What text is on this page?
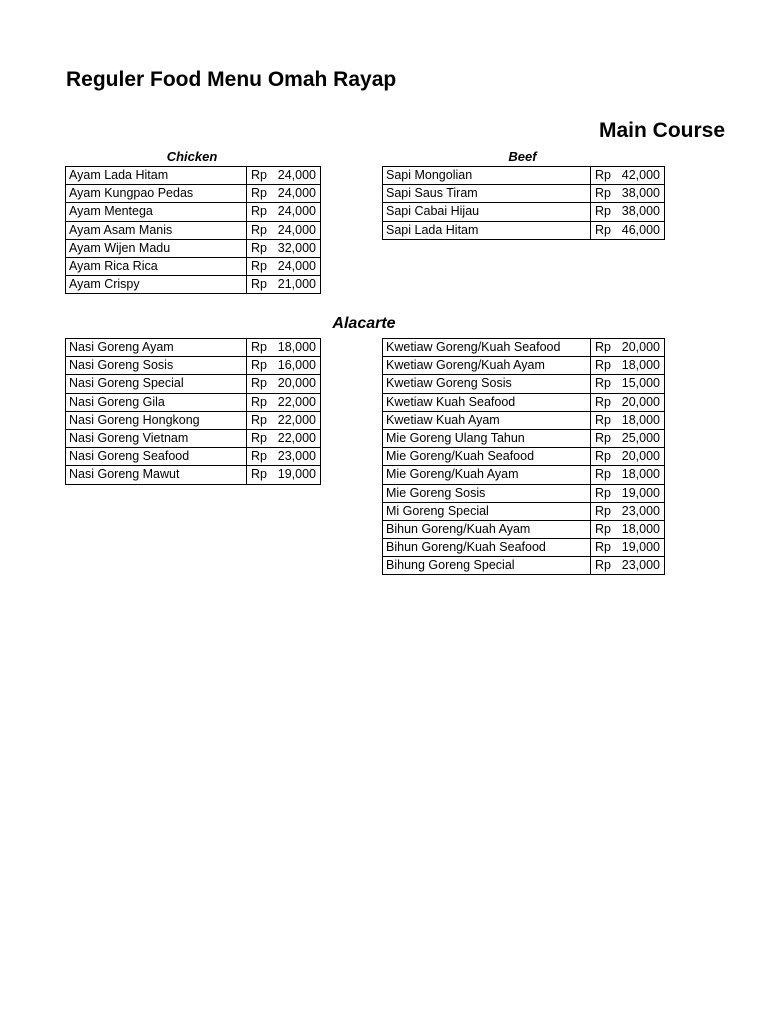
Reguler Food Menu Omah Rayap
Main Course
Chicken	Beef
Ayam Lada Hitam	Rp 24,000

Ayam Kungpao Pedas	Rp 24,000

Ayam Mentega	Rp 24,000

Ayam Asam Manis	Rp 24,000

Ayam Wijen Madu	Rp 32,000

Ayam Rica Rica	Rp 24,000

Ayam Crispy	Rp 21,000
Sapi Mongolian	Rp 42,000

Sapi Saus Tiram	Rp 38,000

Sapi Cabai Hijau	Rp 38,000

Sapi Lada Hitam	Rp 46,000
Alacarte
Nasi Goreng Ayam	Rp 18,000

Nasi Goreng Sosis	Rp 16,000

Nasi Goreng Special	Rp 20,000

Nasi Goreng Gila	Rp 22,000

Nasi Goreng Hongkong	Rp 22,000

Nasi Goreng Vietnam	Rp 22,000

Nasi Goreng Seafood	Rp 23,000

Nasi Goreng Mawut	Rp 19,000
Kwetiaw Goreng/Kuah Seafood	Rp 20,000

Kwetiaw Goreng/Kuah Ayam	Rp 18,000

Kwetiaw Goreng Sosis	Rp 15,000

Kwetiaw Kuah Seafood	Rp 20,000

Kwetiaw Kuah Ayam	Rp 18,000

Mie Goreng Ulang Tahun	Rp 25,000

Mie Goreng/Kuah Seafood	Rp 20,000

Mie Goreng/Kuah Ayam	Rp 18,000

Mie Goreng Sosis	Rp 19,000

Mi Goreng Special	Rp 23,000

Bihun Goreng/Kuah Ayam	Rp 18,000

Bihun Goreng/Kuah Seafood	Rp 19,000

Bihung Goreng Special	Rp 23,000
